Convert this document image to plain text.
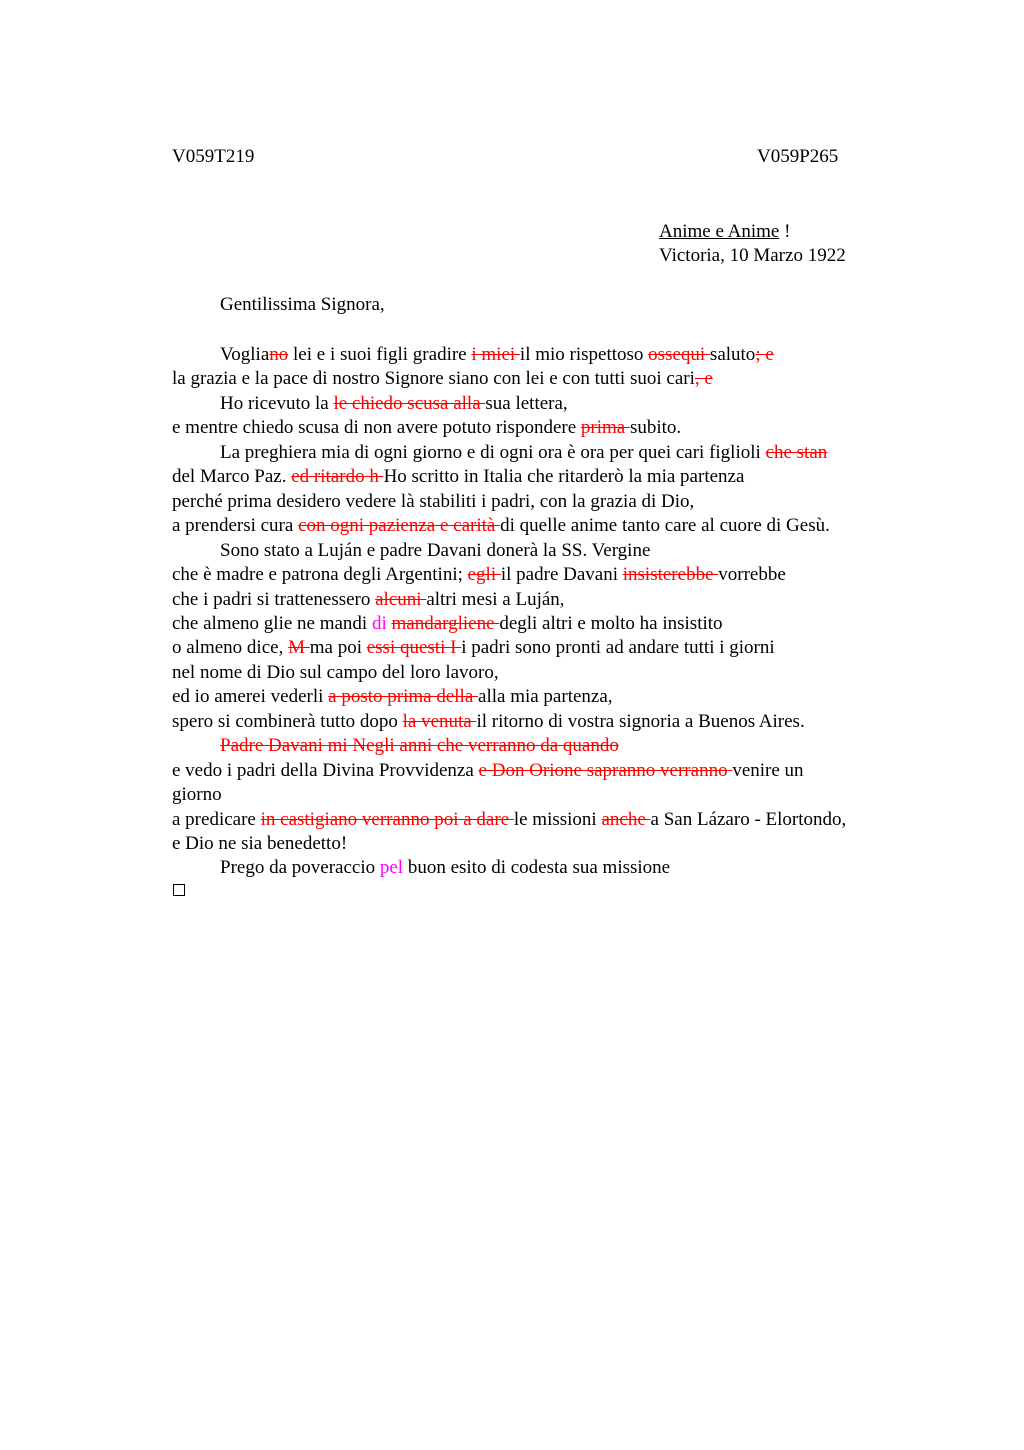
V059T219	V059P265
Anime e Anime !
Victoria, 10 Marzo 1922
Gentilissima Signora,
Vogliano lei e i suoi figli gradire i miei il mio rispettoso ossequi saluto; e
la grazia e la pace di nostro Signore siano con lei e con tutti suoi cari, e
Ho ricevuto la le chiedo scusa alla sua lettera,
e mentre chiedo scusa di non avere potuto rispondere prima subito.
La preghiera mia di ogni giorno e di ogni ora è ora per quei cari figlioli che stan
del Marco Paz. ed ritardo h Ho scritto in Italia che ritarderò la mia partenza
perché prima desidero vedere là stabiliti i padri, con la grazia di Dio,
a prendersi cura con ogni pazienza e carità di quelle anime tanto care al cuore di Gesù.
Sono stato a Luján e padre Davani donerà la SS. Vergine
che è madre e patrona degli Argentini; egli il padre Davani insisterebbe vorrebbe
che i padri si trattenessero alcuni altri mesi a Luján,
che almeno glie ne mandi di mandargliene degli altri e molto ha insistito
o almeno dice, M ma poi essi questi I i padri sono pronti ad andare tutti i giorni
nel nome di Dio sul campo del loro lavoro,
ed io amerei vederli a posto prima della alla mia partenza,
spero si combinerà tutto dopo la venuta il ritorno di vostra signoria a Buenos Aires.
Padre Davani mi Negli anni che verranno da quando
e vedo i padri della Divina Provvidenza e Don Orione sapranno verranno venire un
giorno
a predicare in castigiano verranno poi a dare le missioni anche a San Lázaro - Elortondo,
e Dio ne sia benedetto!
Prego da poveraccio pel buon esito di codesta sua missione
